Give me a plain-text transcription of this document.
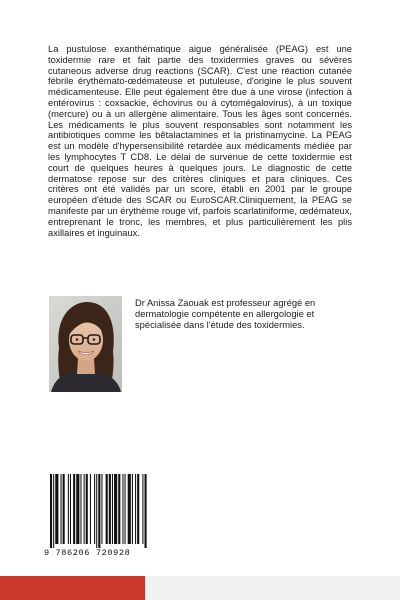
La pustulose exanthématique aigue généralisée (PEAG) est une toxidermie rare et fait partie des toxidermies graves ou sévères cutaneous adverse drug reactions (SCAR). C'est une réaction cutanée fébrile érythémato-œdémateuse et putuleuse, d'origine le plus souvent médicamenteuse. Elle peut également être due à une virose (infection à entérovirus : coxsackie, échovirus ou à cytomégalovirus), à un toxique (mercure) ou à un allergène alimentaire. Tous les âges sont concernés. Les médicaments le plus souvent responsables sont notamment les antibiotiques comme les bêtalactamines et la pristinamycine. La PEAG est un modèle d'hypersensibilité retardée aux médicaments médiée par les lymphocytes T CD8. Le délai de survenue de cette toxidermie est court de quelques heures à quelques jours. Le diagnostic de cette dermatose repose sur des critères cliniques et para cliniques. Ces critères ont été validés par un score, établi en 2001 par le groupe européen d'étude des SCAR ou EuroSCAR.Cliniquement, la PEAG se manifeste par un érythème rouge vif, parfois scarlatiniforme, œdémateux, entreprenant le tronc, les membres, et plus particulièrement les plis axillaires et inguinaux.

Dr Anissa Zaouak est professeur agrégé en dermatologie compétente en allergologie et spécialisée dans l'étude des toxidermies.

9 786206 720928
